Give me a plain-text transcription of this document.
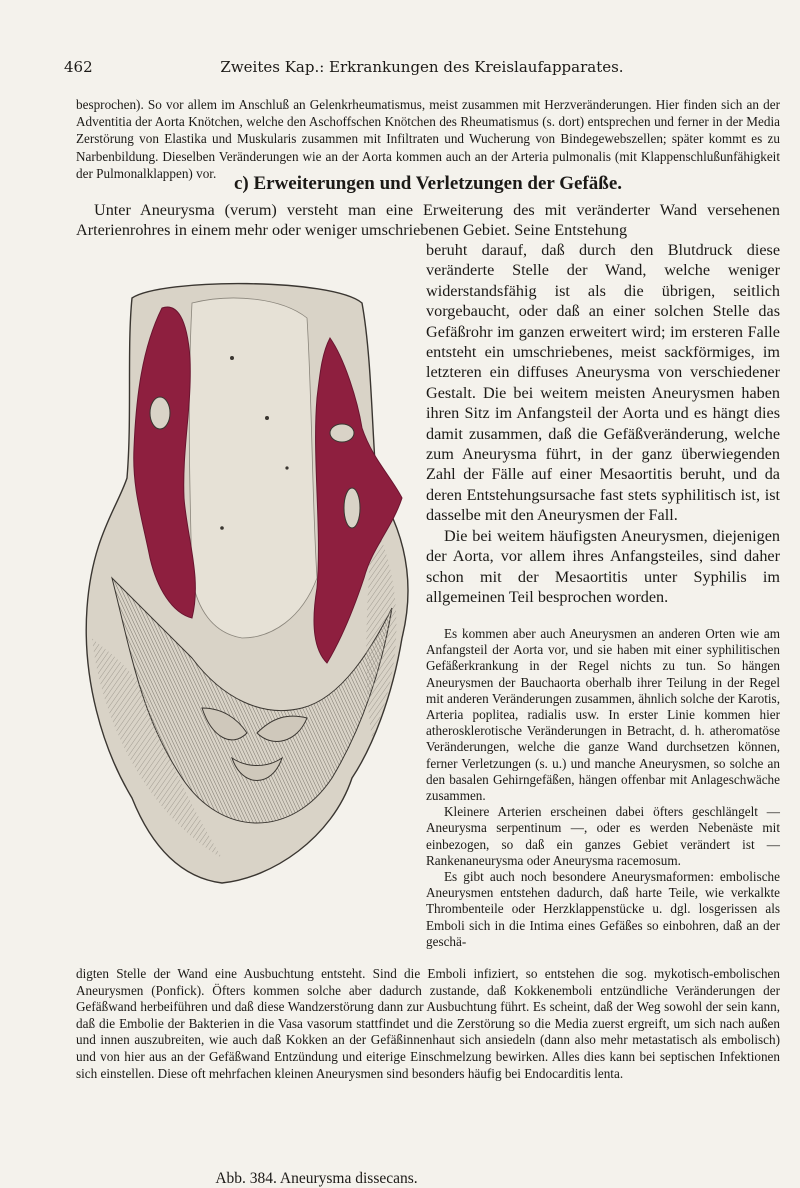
462	Zweites Kap.: Erkrankungen des Kreislaufapparates.

besprochen). So vor allem im Anschluß an Gelenkrheumatismus, meist zusammen mit Herzveränderungen. Hier finden sich an der Adventitia der Aorta Knötchen, welche den Aschoffschen Knötchen des Rheumatismus (s. dort) entsprechen und ferner in der Media Zerstörung von Elastika und Muskularis zusammen mit Infiltraten und Wucherung von Bindegewebszellen; später kommt es zu Narbenbildung. Dieselben Veränderungen wie an der Aorta kommen auch an der Arteria pulmonalis (mit Klappenschlußunfähigkeit der Pulmonalklappen) vor. c) Erweiterungen und Verletzungen der Gefäße.

Unter Aneurysma (verum) versteht man eine Erweiterung des mit veränderter Wand versehenen Arterienrohres in einem mehr oder weniger umschriebenen Gebiet. Seine Entstehung

Abb. 384. Aneurysma dissecans.

beruht darauf, daß durch den Blutdruck diese veränderte Stelle der Wand, welche weniger widerstandsfähig ist als die übrigen, seitlich vorgebaucht, oder daß an einer solchen Stelle das Gefäßrohr im ganzen erweitert wird; im ersteren Falle entsteht ein umschriebenes, meist sackförmiges, im letzteren ein diffuses Aneurysma von verschiedener Gestalt. Die bei weitem meisten Aneurysmen haben ihren Sitz im Anfangsteil der Aorta und es hängt dies damit zusammen, daß die Gefäßveränderung, welche zum Aneurysma führt, in der ganz überwiegenden Zahl der Fälle auf einer Mesaortitis beruht, und da deren Entstehungsursache fast stets syphilitisch ist, ist dasselbe mit den Aneurysmen der Fall.

Die bei weitem häufigsten Aneurysmen, diejenigen der Aorta, vor allem ihres Anfangsteiles, sind daher schon mit der Mesaortitis unter Syphilis im allgemeinen Teil besprochen worden.

Es kommen aber auch Aneurysmen an anderen Orten wie am Anfangsteil der Aorta vor, und sie haben mit einer syphilitischen Gefäßerkrankung in der Regel nichts zu tun. So hängen Aneurysmen der Bauchaorta oberhalb ihrer Teilung in der Regel mit anderen Veränderungen zusammen, ähnlich solche der Karotis, Arteria poplitea, radialis usw. In erster Linie kommen hier atherosklerotische Veränderungen in Betracht, d. h. atheromatöse Veränderungen, welche die ganze Wand durchsetzen können, ferner Verletzungen (s. u.) und manche Aneurysmen, so solche an den basalen Gehirngefäßen, hängen offenbar mit Anlageschwäche zusammen.

Kleinere Arterien erscheinen dabei öfters geschlängelt — Aneurysma serpentinum —, oder es werden Nebenäste mit einbezogen, so daß ein ganzes Gebiet verändert ist — Rankenaneurysma oder Aneurysma racemosum.

Es gibt auch noch besondere Aneurysmaformen: embolische Aneurysmen entstehen dadurch, daß harte Teile, wie verkalkte Thrombenteile oder Herzklappenstücke u. dgl. losgerissen als Emboli sich in die Intima eines Gefäßes so einbohren, daß an der geschä-

digten Stelle der Wand eine Ausbuchtung entsteht. Sind die Emboli infiziert, so entstehen die sog. mykotisch-embolischen Aneurysmen (Ponfick). Öfters kommen solche aber dadurch zustande, daß Kokkenemboli entzündliche Veränderungen der Gefäßwand herbeiführen und daß diese Wandzerstörung dann zur Ausbuchtung führt. Es scheint, daß der Weg sowohl der sein kann, daß die Embolie der Bakterien in die Vasa vasorum stattfindet und die Zerstörung so die Media zuerst ergreift, um sich nach außen und innen auszubreiten, wie auch daß Kokken an der Gefäßinnenhaut sich ansiedeln (dann also mehr metastatisch als embolisch) und von hier aus an der Gefäßwand Entzündung und eiterige Einschmelzung bewirken. Alles dies kann bei septischen Infektionen sich einstellen. Diese oft mehrfachen kleinen Aneurysmen sind besonders häufig bei Endocarditis lenta.
